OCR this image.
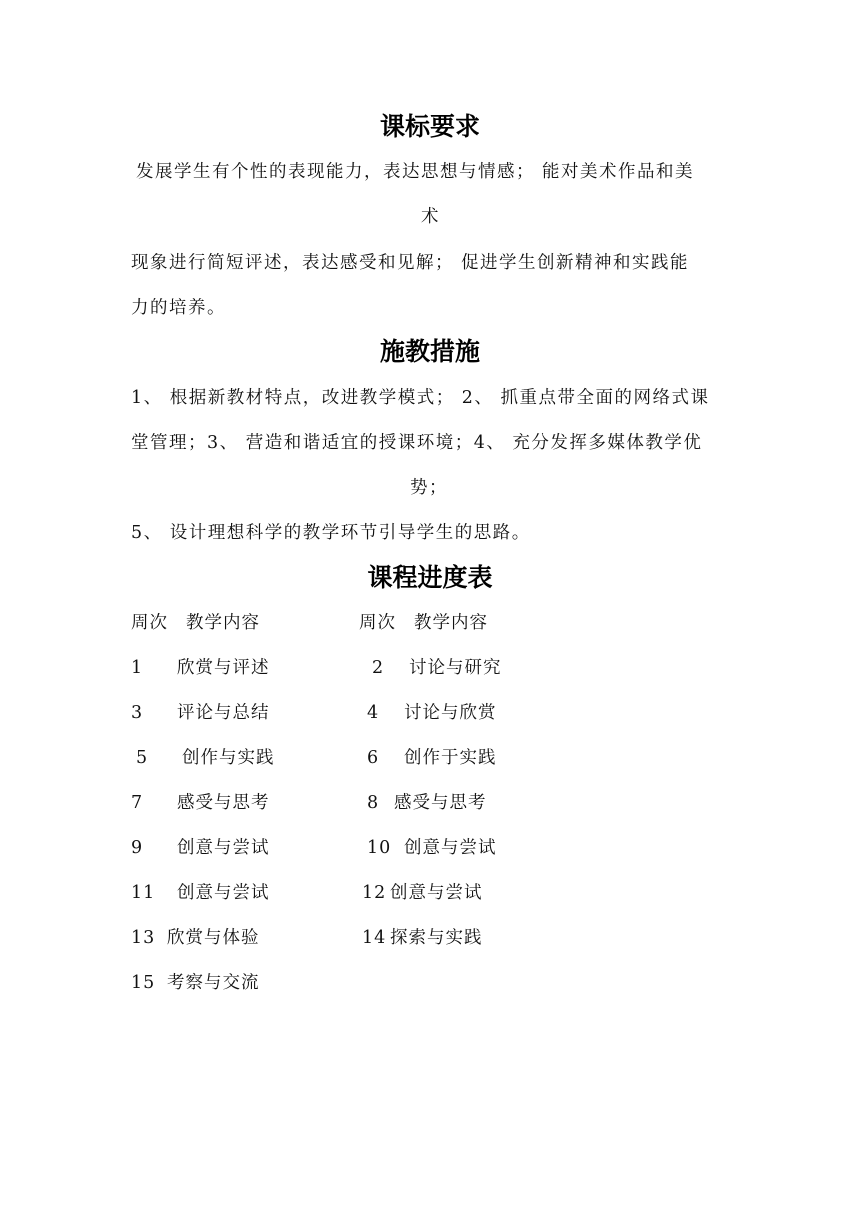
课标要求
发展学生有个性的表现能力，表达思想与情感； 能对美术作品和美
术
现象进行简短评述，表达感受和见解； 促进学生创新精神和实践能
力的培养。
施教措施
1、 根据新教材特点，改进教学模式； 2、 抓重点带全面的网络式课
堂管理；3、 营造和谐适宜的授课环境；4、 充分发挥多媒体教学优
势；
5、 设计理想科学的教学环节引导学生的思路。
课程进度表
周次 教学内容	周次 教学内容
1 欣赏与评述	2 讨论与研究
3 评论与总结	4 讨论与欣赏
5 创作与实践	6 创作于实践
7 感受与思考	8 感受与思考
9 创意与尝试	10 创意与尝试
11 创意与尝试	12 创意与尝试
13 欣赏与体验	14 探索与实践
15 考察与交流
